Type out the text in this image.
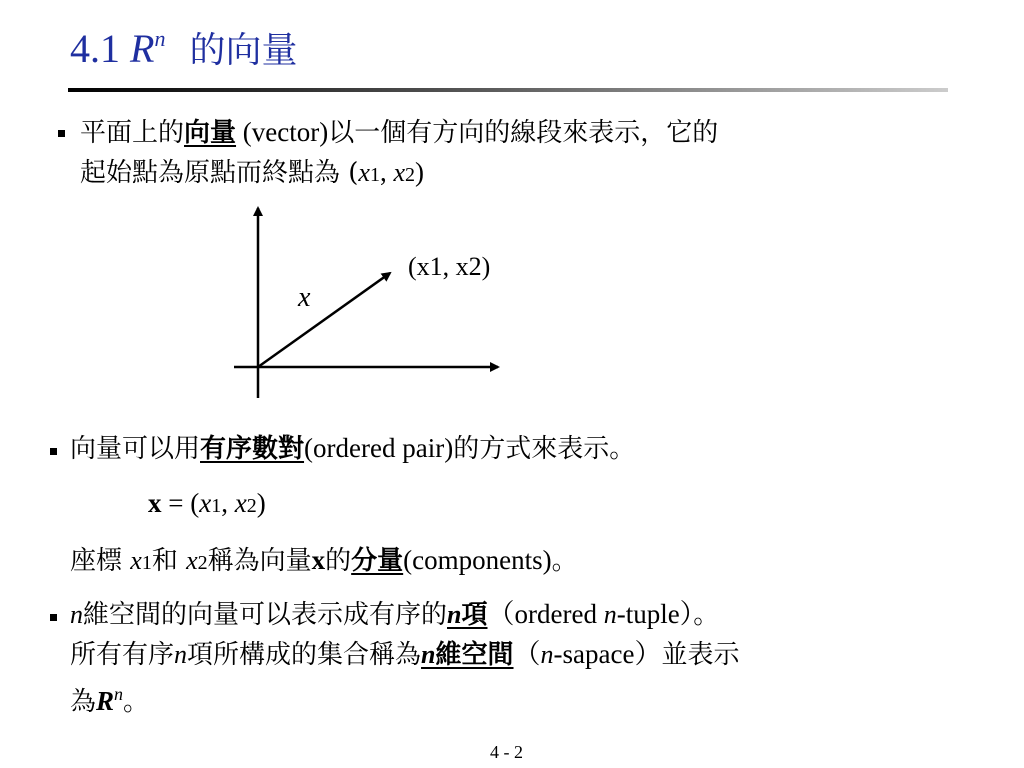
4.1 $R^n$ 的向量
平面上的向量 (vector)以一個有方向的線段來表示，它的
起始點為原點而終點為 (x1, x2)
(x1, x2)
x
向量可以用有序數對(ordered pair)的方式來表示。
x = (x1, x2)
座標 x1和 x2稱為向量x的分量(components)。
n維空間的向量可以表示成有序的n項（ordered n-tuple）。
所有有序n項所構成的集合稱為n維空間（n-sapace）並表示
為$R^n$。
4 - 2
